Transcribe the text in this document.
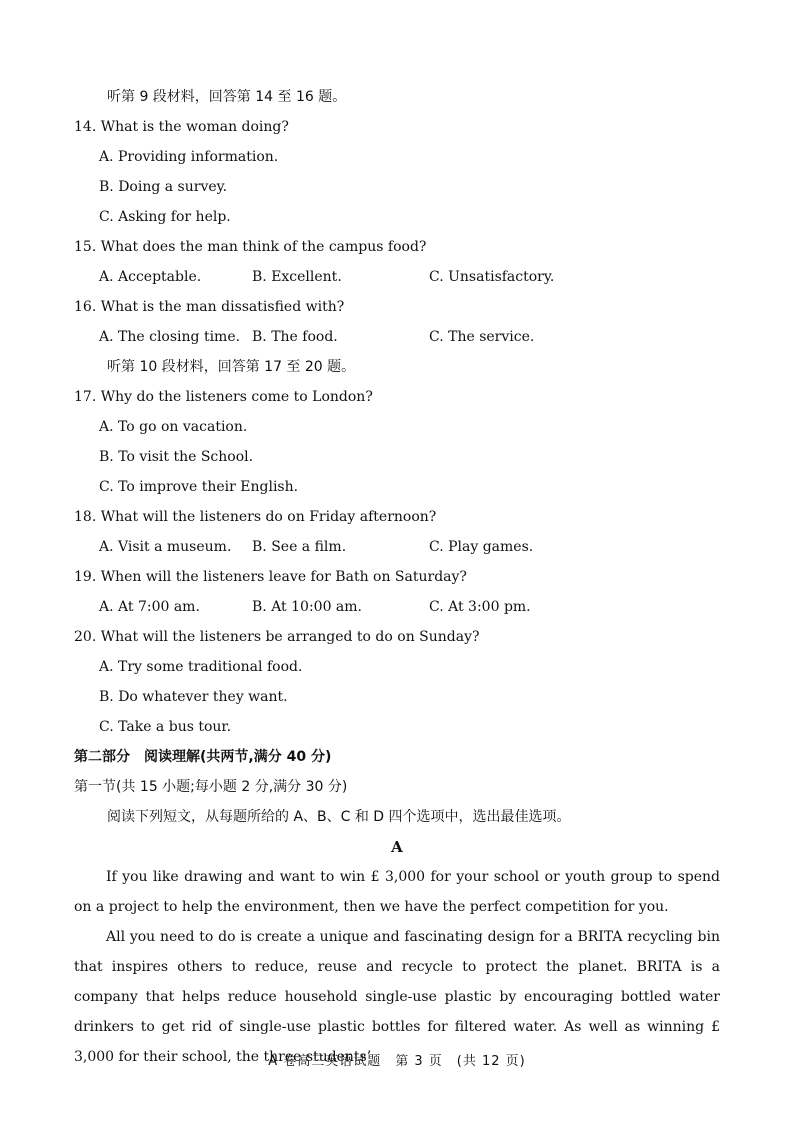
听第 9 段材料，回答第 14 至 16 题。
14. What is the woman doing?
A. Providing information.
B. Doing a survey.
C. Asking for help.
15. What does the man think of the campus food?
A. Acceptable.	B. Excellent.	C. Unsatisfactory.
16. What is the man dissatisfied with?
A. The closing time. B. The food.	C. The service.
听第 10 段材料，回答第 17 至 20 题。
17. Why do the listeners come to London?
A. To go on vacation.
B. To visit the School.
C. To improve their English.
18. What will the listeners do on Friday afternoon?
A. Visit a museum. B. See a film.	C. Play games.
19. When will the listeners leave for Bath on Saturday?
A. At 7:00 am.	B. At 10:00 am.	C. At 3:00 pm.
20. What will the listeners be arranged to do on Sunday?
A. Try some traditional food.
B. Do whatever they want.
C. Take a bus tour.
第二部分　阅读理解(共两节,满分 40 分)
第一节(共 15 小题;每小题 2 分,满分 30 分)
阅读下列短文，从每题所给的 A、B、C 和 D 四个选项中，选出最佳选项。
A
If you like drawing and want to win £ 3,000 for your school or youth group to spend on a project to help the environment, then we have the perfect competition for you.
All you need to do is create a unique and fascinating design for a BRITA recycling bin that inspires others to reduce, reuse and recycle to protect the planet. BRITA is a company that helps reduce household single-use plastic by encouraging bottled water drinkers to get rid of single-use plastic bottles for filtered water. As well as winning £ 3,000 for their school, the three students’
A 卷高三英语试题　第 3 页　(共 12 页)
